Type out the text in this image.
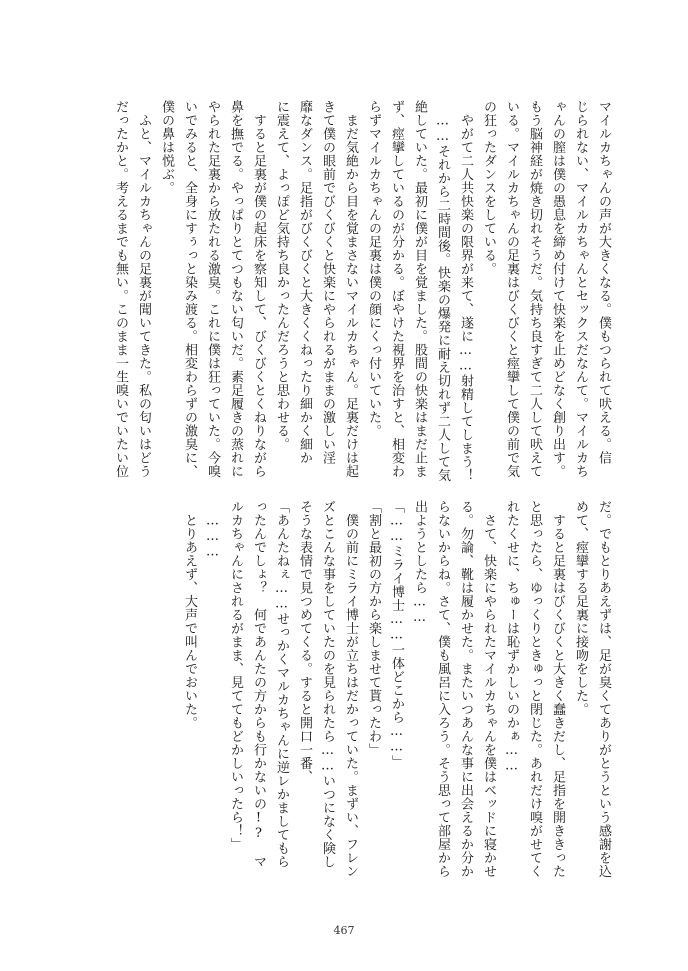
マイルカちゃんの声が大きくなる。僕もつられて吠える。信
じられない、マイルカちゃんとセックスだなんて。マイルカち
ゃんの膣は僕の愚息を締め付けて快楽を止めどなく創り出す。
もう脳神経が焼き切れそうだ。気持ち良すぎて二人して吠えて
いる。マイルカちゃんの足裏はびくびくと痙攣して僕の前で気
の狂ったダンスをしている。
　やがて二人共快楽の限界が来て、遂に……射精してしまう！
　……それから二時間後。快楽の爆発に耐え切れず二人して気
絶していた。最初に僕が目を覚ました。股間の快楽はまだ止ま
ず、痙攣しているのが分かる。ぼやけた視界を治すと、相変わ
らずマイルカちゃんの足裏は僕の顔にくっ付いていた。
　まだ気絶から目を覚まさないマイルカちゃん。足裏だけは起
きて僕の眼前でびくびくと快楽にやられるがままの激しい淫
靡なダンス。足指がびくびくと大きくくねったり細かく細か
に震えて、よっぽど気持ち良かったんだろうと思わせる。
　すると足裏が僕の起床を察知して、びくびくとくねりながら
鼻を撫でる。やっぱりとてつもない匂いだ。素足履きの蒸れに
やられた足裏から放たれる激臭。これに僕は狂っていた。今嗅
いでみると、全身にすぅっと染み渡る。相変わらずの激臭に、
僕の鼻は悦ぶ。
　ふと、マイルカちゃんの足裏が聞いてきた。私の匂いはどう
だったかと。考えるまでも無い。このまま一生嗅いでいたい位
だ。でもとりあえずは、足が臭くてありがとうという感謝を込
めて、痙攣する足裏に接吻をした。
　すると足裏はびくびくと大きく蠢きだし、足指を開ききった
と思ったら、ゆっくりときゅっと閉じた。あれだけ嗅がせてく
れたくせに、ちゅーは恥ずかしいのかぁ……
　さて、快楽にやられたマイルカちゃんを僕はベッドに寝かせ
る。勿論、靴は履かせた。またいつあんな事に出会えるか分か
らないからね。さて、僕も風呂に入ろう。そう思って部屋から
出ようとしたら……
「……ミライ博士……一体どこから……」
「割と最初の方から楽しませて貰ったわ」
　僕の前にミライ博士が立ちはだかっていた。まずい、フレン
ズとこんな事をしていたのを見られたら……いつになく険し
そうな表情で見つめてくる。すると開口一番、
「あんたねぇ……せっかくマルカちゃんに逆レかましてもら
ったんでしょ？　何であんたの方からも行かないの!?　マ
ルカちゃんにされるがまま、見ててもどかしいったら！」
　………
　とりあえず、大声で叫んでおいた。
467
